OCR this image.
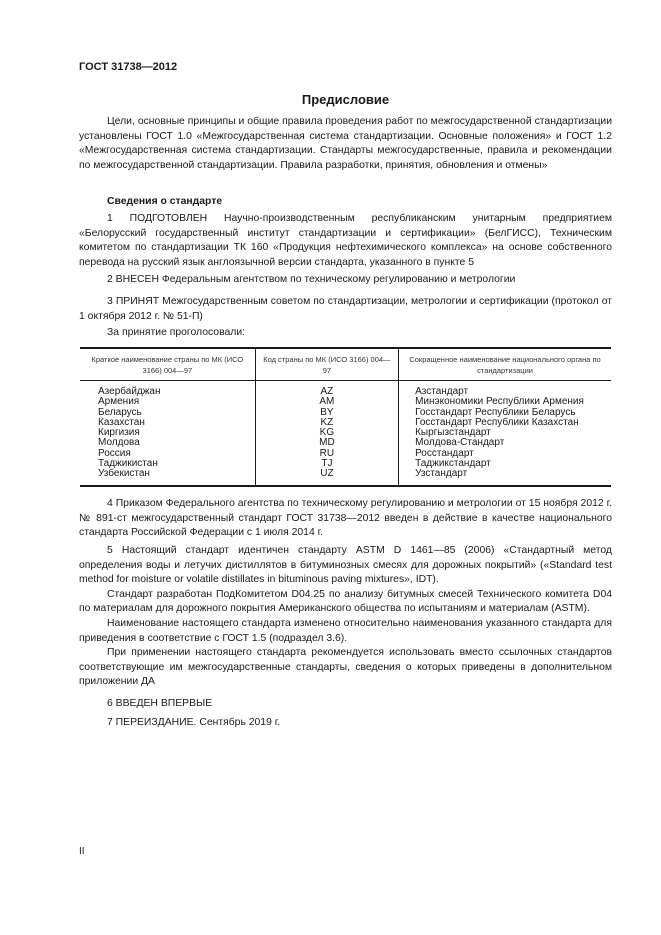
ГОСТ 31738—2012
Предисловие

Цели, основные принципы и общие правила проведения работ по межгосударственной стандартизации установлены ГОСТ 1.0 «Межгосударственная система стандартизации. Основные положения» и ГОСТ 1.2 «Межгосударственная система стандартизации. Стандарты межгосударственные, правила и рекомендации по межгосударственной стандартизации. Правила разработки, принятия, обновления и отмены»

Сведения о стандарте

1 ПОДГОТОВЛЕН Научно-производственным республиканским унитарным предприятием «Белорусский государственный институт стандартизации и сертификации» (БелГИСС), Техническим комитетом по стандартизации ТК 160 «Продукция нефтехимического комплекса» на основе собственного перевода на русский язык англоязычной версии стандарта, указанного в пункте 5

2 ВНЕСЕН Федеральным агентством по техническому регулированию и метрологии

3 ПРИНЯТ Межгосударственным советом по стандартизации, метрологии и сертификации (протокол от 1 октября 2012 г. № 51-П)

За принятие проголосовали:

Краткое наименование страны по МК (ИСО 3166) 004—97	Код страны по МК (ИСО 3166) 004—97	Сокращенное наименование национального органа по стандартизации
Азербайджан	AZ	Азстандарт
Армения	AM	Минэкономики Республики Армения
Беларусь	BY	Госстандарт Республики Беларусь
Казахстан	KZ	Госстандарт Республики Казахстан
Киргизия	KG	Кыргызстандарт
Молдова	MD	Молдова-Стандарт
Россия	RU	Росстандарт
Таджикистан	TJ	Таджикстандарт
Узбекистан	UZ	Узстандарт

4 Приказом Федерального агентства по техническому регулированию и метрологии от 15 ноября 2012 г. № 891-ст межгосударственный стандарт ГОСТ 31738—2012 введен в действие в качестве национального стандарта Российской Федерации с 1 июля 2014 г.

5 Настоящий стандарт идентичен стандарту ASTM D 1461—85 (2006) «Стандартный метод определения воды и летучих дистиллятов в битуминозных смесях для дорожных покрытий» («Standard test method for moisture or volatile distillates in bituminous paving mixtures», IDT).

Стандарт разработан ПодКомитетом D04.25 по анализу битумных смесей Технического комитета D04 по материалам для дорожного покрытия Американского общества по испытаниям и материалам (ASTM).

Наименование настоящего стандарта изменено относительно наименования указанного стандарта для приведения в соответствие с ГОСТ 1.5 (подраздел 3.6).

При применении настоящего стандарта рекомендуется использовать вместо ссылочных стандартов соответствующие им межгосударственные стандарты, сведения о которых приведены в дополнительном приложении ДА

6 ВВЕДЕН ВПЕРВЫЕ

7 ПЕРЕИЗДАНИЕ. Сентябрь 2019 г.

II
